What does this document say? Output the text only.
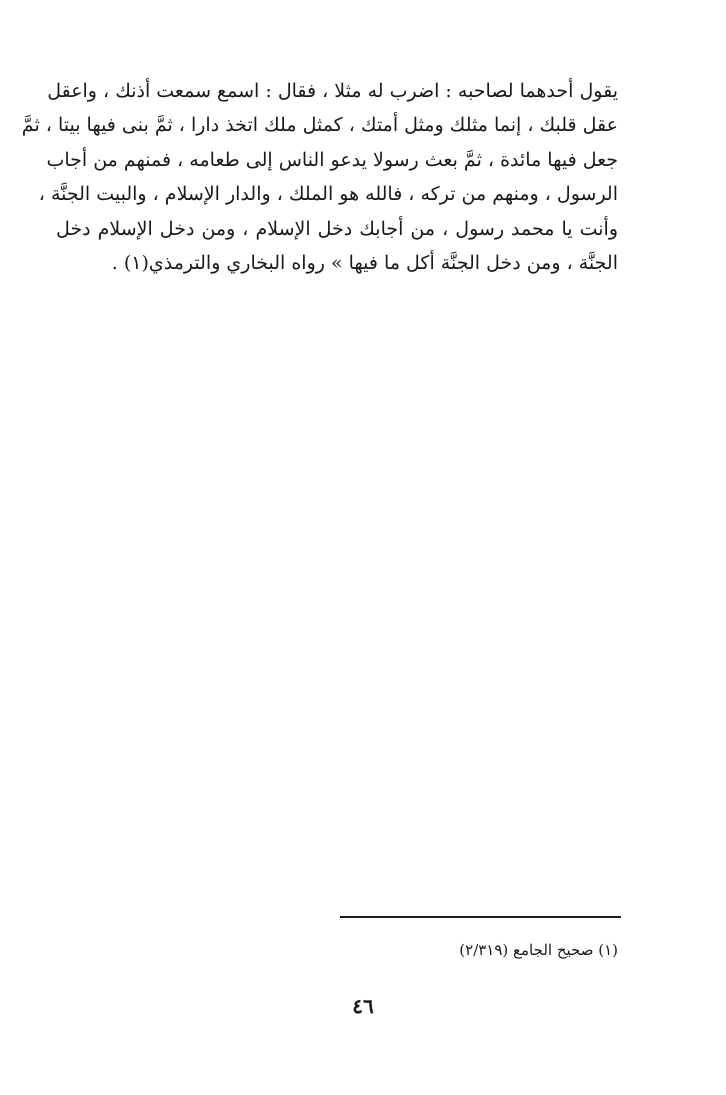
يقول أحدهما لصاحبه : اضرب له مثلا ، فقال : اسمع سمعت أذنك ، واعقل
عقل قلبك ، إنما مثلك ومثل أمتك ، كمثل ملك اتخذ دارا ، ثمَّ بنى فيها بيتا ، ثمَّ
جعل فيها مائدة ، ثمَّ بعث رسولا يدعو الناس إلى طعامه ، فمنهم من أجاب
الرسول ، ومنهم من تركه ، فالله هو الملك ، والدار الإسلام ، والبيت الجنَّة ،
وأنت يا محمد رسول ، من أجابك دخل الإسلام ، ومن دخل الإسلام دخل
الجنَّة ، ومن دخل الجنَّة أكل ما فيها » رواه البخاري والترمذي(١) .
(١) صحيح الجامع (٢/٣١٩)
٤٦
